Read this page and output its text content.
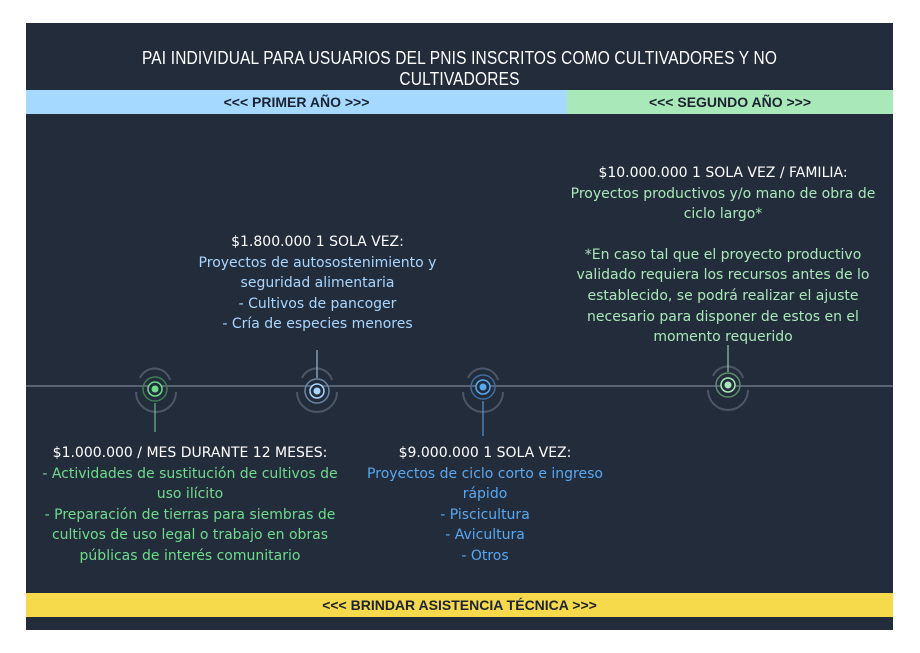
PAI INDIVIDUAL PARA USUARIOS DEL PNIS INSCRITOS COMO CULTIVADORES Y NO CULTIVADORES
<<< PRIMER AÑO >>>	<<< SEGUNDO AÑO >>>
<<< BRINDAR ASISTENCIA TÉCNICA >>>
$1.000.000 / MES DURANTE 12 MESES:
- Actividades de sustitución de cultivos de
uso ilícito
- Preparación de tierras para siembras de
cultivos de uso legal o trabajo en obras
públicas de interés comunitario
$1.800.000 1 SOLA VEZ:
Proyectos de autosostenimiento y
seguridad alimentaria
- Cultivos de pancoger
- Cría de especies menores
$9.000.000 1 SOLA VEZ:
Proyectos de ciclo corto e ingreso
rápido
- Piscicultura
- Avicultura
- Otros
$10.000.000 1 SOLA VEZ / FAMILIA:
Proyectos productivos y/o mano de obra de
ciclo largo*
*En caso tal que el proyecto productivo
validado requiera los recursos antes de lo
establecido, se podrá realizar el ajuste
necesario para disponer de estos en el
momento requerido
